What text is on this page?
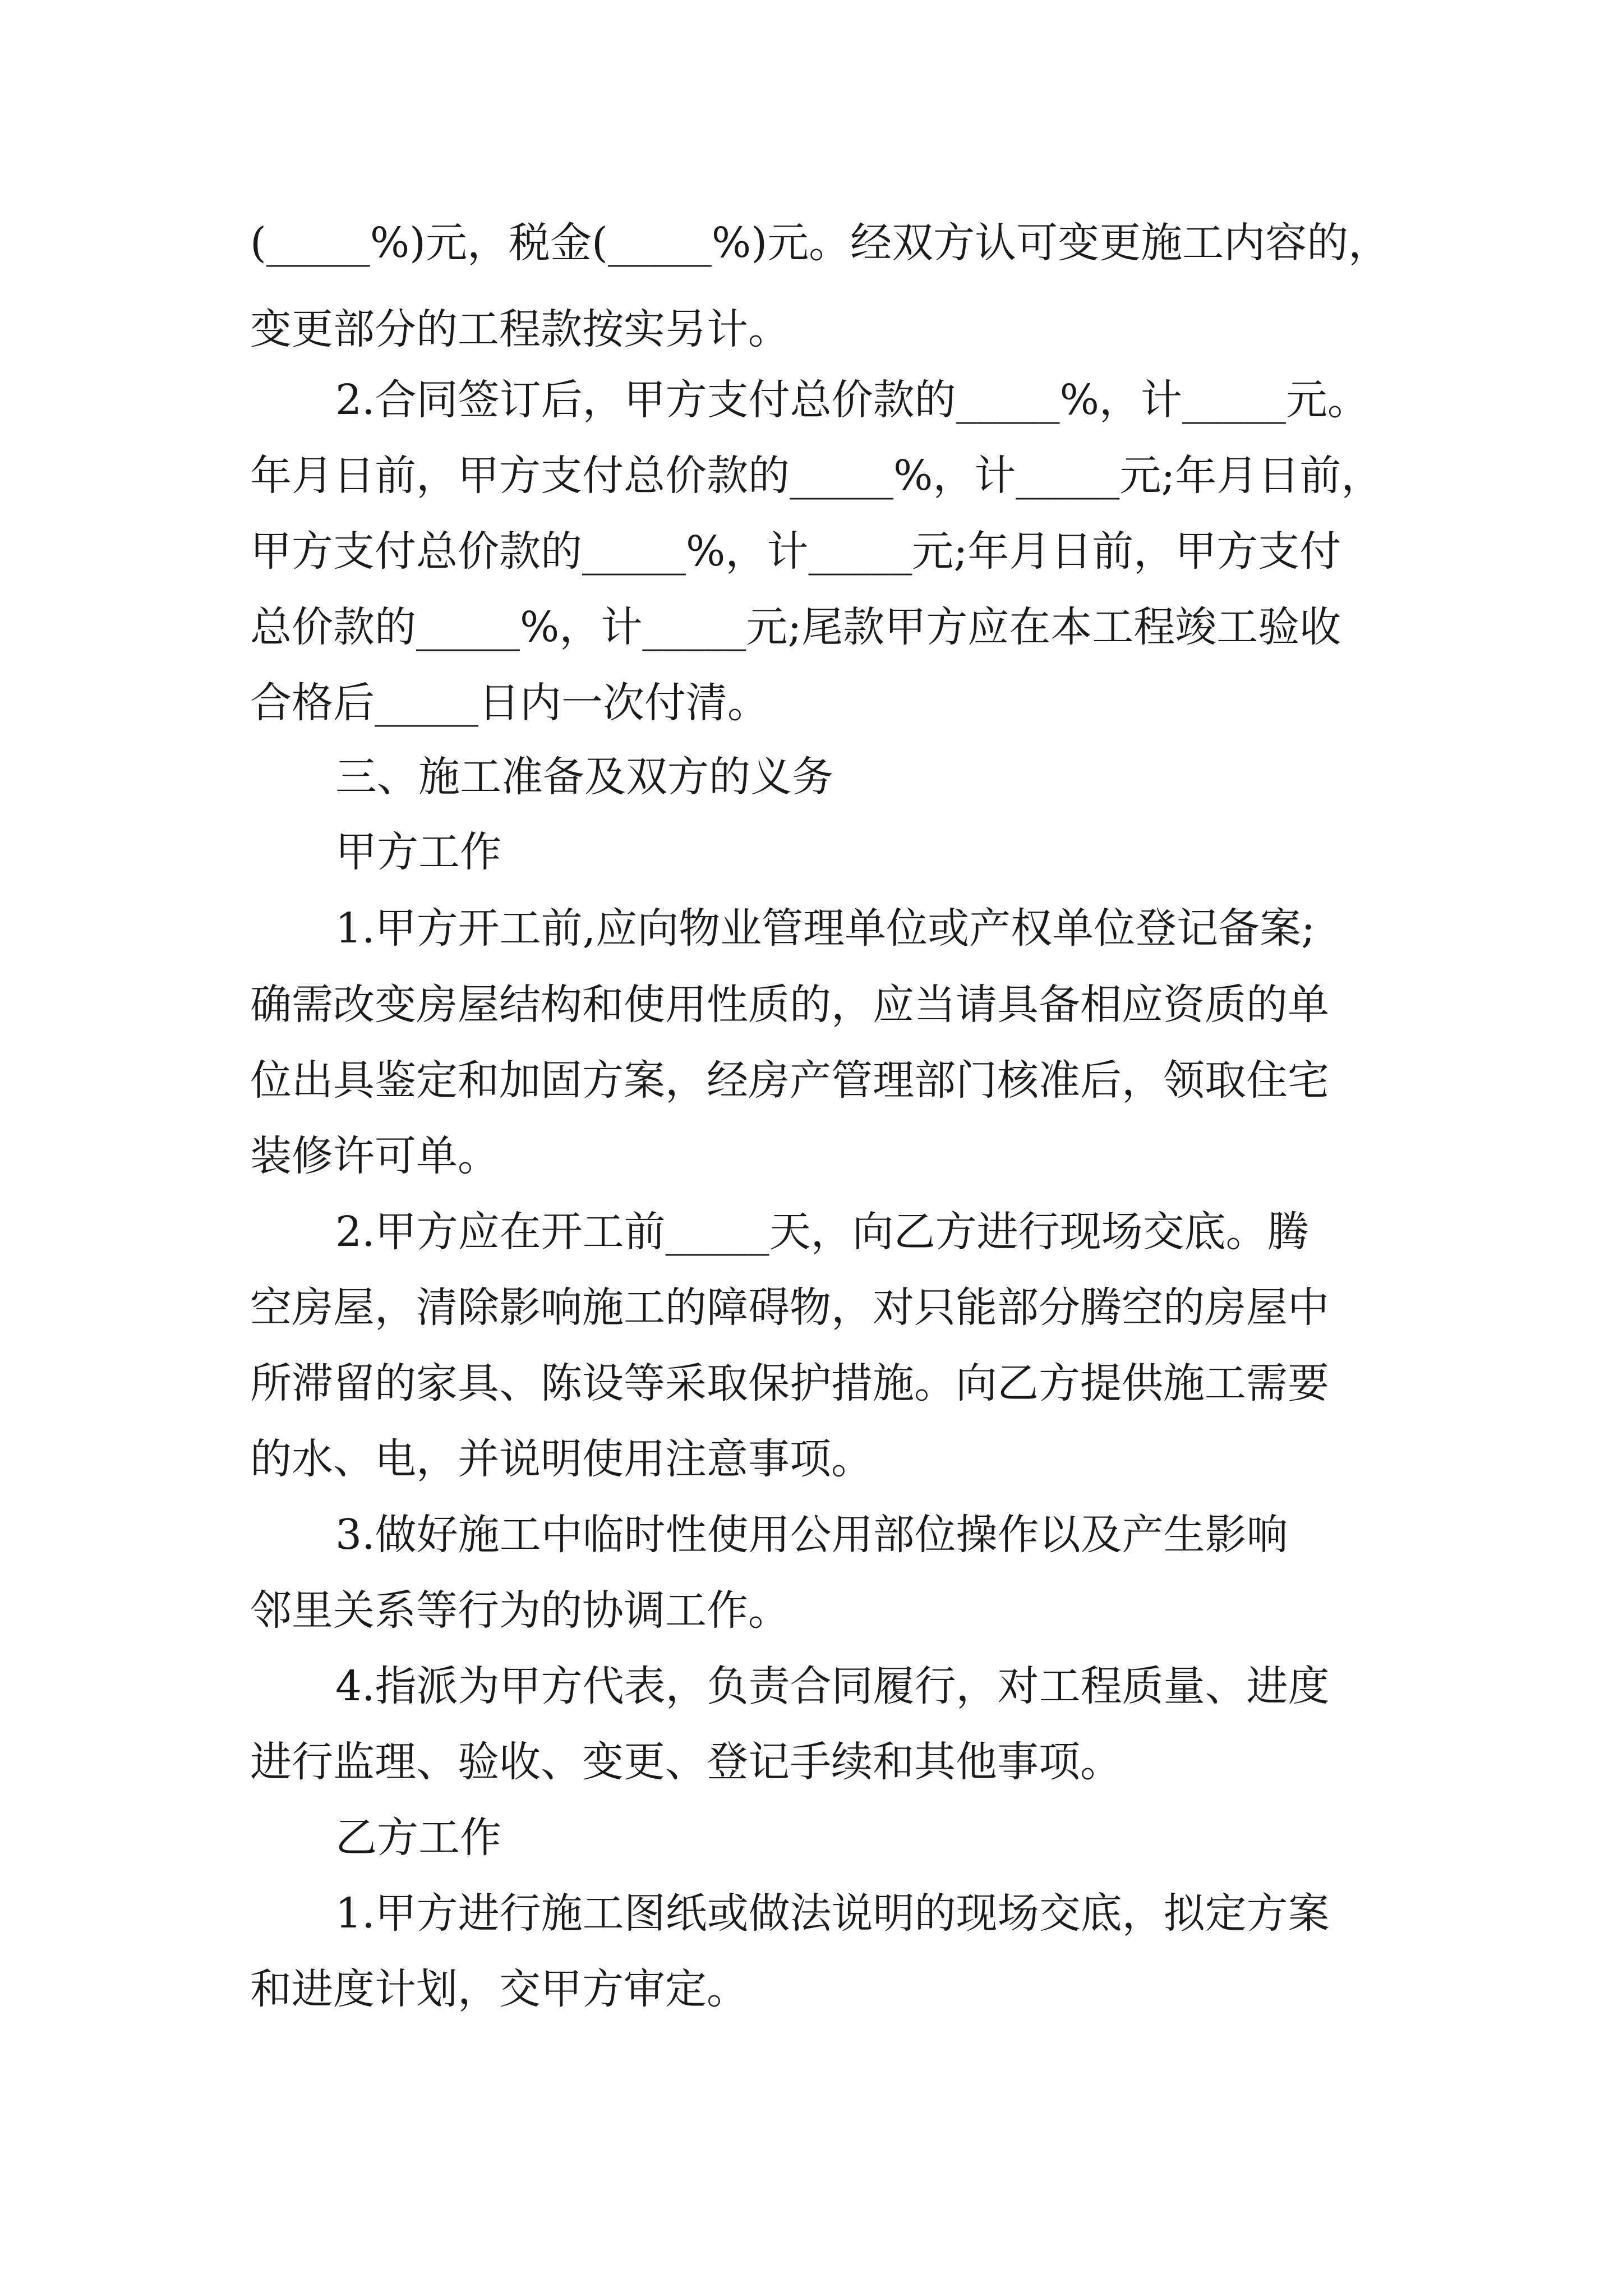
(_____%)元，税金(_____%)元。经双方认可变更施工内容的，
变更部分的工程款按实另计。
2.合同签订后，甲方支付总价款的_____%，计_____元。
年月日前，甲方支付总价款的_____%，计_____元;年月日前，
甲方支付总价款的_____%，计_____元;年月日前，甲方支付
总价款的_____%，计_____元;尾款甲方应在本工程竣工验收
合格后_____日内一次付清。
三、施工准备及双方的义务
甲方工作
1.甲方开工前,应向物业管理单位或产权单位登记备案;
确需改变房屋结构和使用性质的，应当请具备相应资质的单
位出具鉴定和加固方案，经房产管理部门核准后，领取住宅
装修许可单。
2.甲方应在开工前_____天，向乙方进行现场交底。腾
空房屋，清除影响施工的障碍物，对只能部分腾空的房屋中
所滞留的家具、陈设等采取保护措施。向乙方提供施工需要
的水、电，并说明使用注意事项。
3.做好施工中临时性使用公用部位操作以及产生影响
邻里关系等行为的协调工作。
4.指派为甲方代表，负责合同履行，对工程质量、进度
进行监理、验收、变更、登记手续和其他事项。
乙方工作
1.甲方进行施工图纸或做法说明的现场交底，拟定方案
和进度计划，交甲方审定。
